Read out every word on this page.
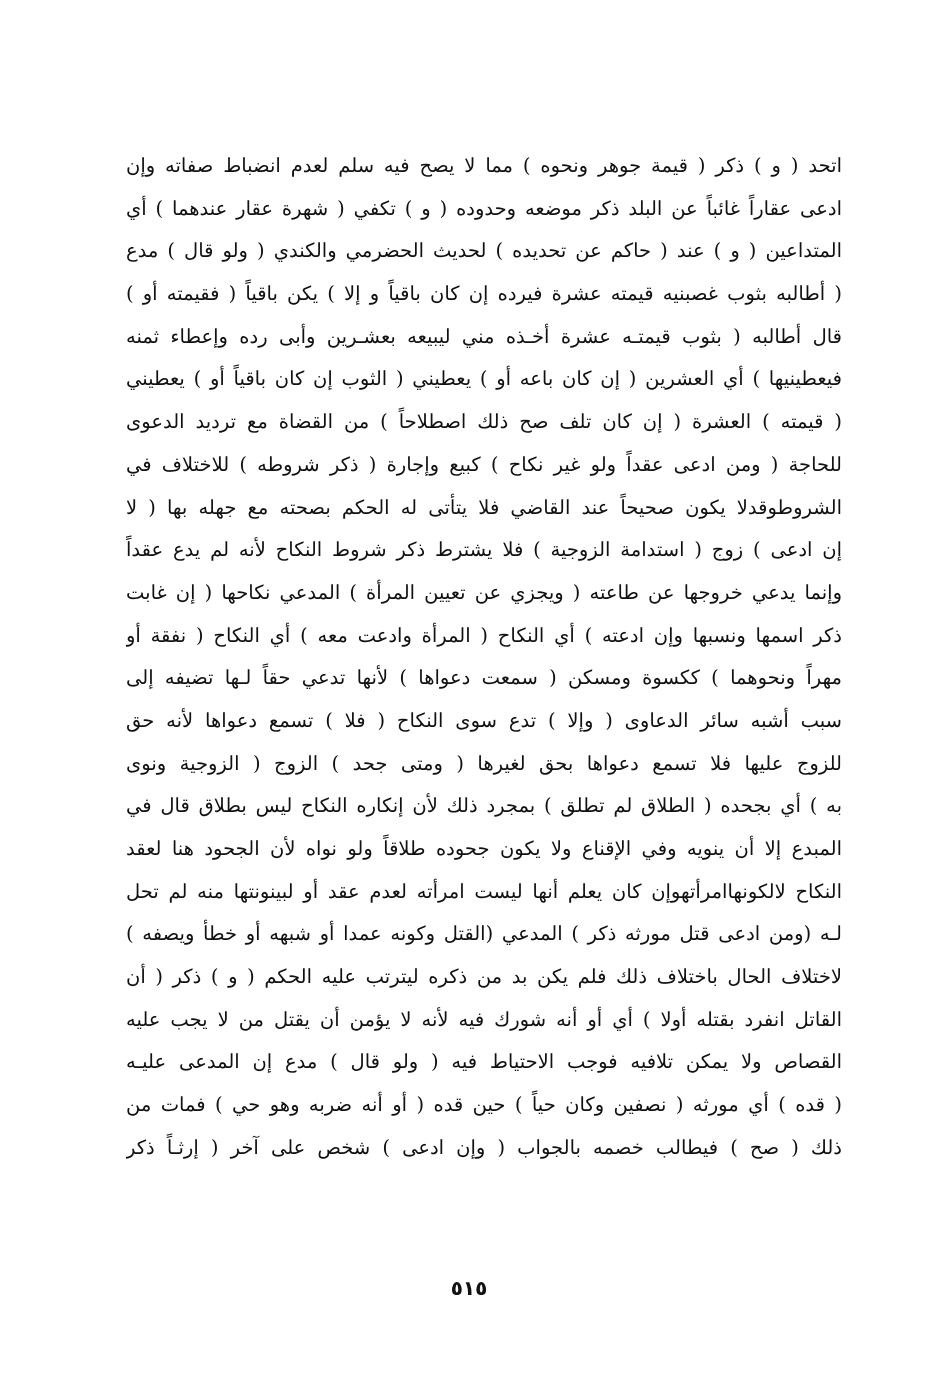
اتحد ( و ) ذكر ( قيمة جوهر ونحوه ) مما لا يصح فيه سلم لعدم انضباط صفاته وإن
ادعى عقاراً غائباً عن البلد ذكر موضعه وحدوده ( و ) تكفي ( شهرة عقار عندهما ) أي
المتداعين ( و ) عند ( حاكم عن تحديده ) لحديث الحضرمي والكندي ( ولو قال ) مدع
( أطالبه بثوب غصبنيه قيمته عشرة فيرده إن كان باقياً و إلا ) يكن باقياً ( فقيمته أو )
قال أطالبه ( بثوب قيمتـه عشرة أخـذه مني ليبيعه بعشـرين وأبى رده وإعطاء ثمنه
فيعطينيها ) أي العشرين ( إن كان باعه أو ) يعطيني ( الثوب إن كان باقياً أو ) يعطيني
( قيمته ) العشرة ( إن كان تلف صح ذلك اصطلاحاً ) من القضاة مع ترديد الدعوى
للحاجة ( ومن ادعى عقداً ولو غير نكاح ) كبيع وإجارة ( ذكر شروطه ) للاختلاف في
الشروطوقدلا يكون صحيحاً عند القاضي فلا يتأتى له الحكم بصحته مع جهله بها ( لا
إن ادعى ) زوج ( استدامة الزوجية ) فلا يشترط ذكر شروط النكاح لأنه لم يدع عقداً
وإنما يدعي خروجها عن طاعته ( ويجزي عن تعيين المرأة ) المدعي نكاحها ( إن غابت
ذكر اسمها ونسبها وإن ادعته ) أي النكاح ( المرأة وادعت معه ) أي النكاح ( نفقة أو
مهراً ونحوهما ) ككسوة ومسكن ( سمعت دعواها ) لأنها تدعي حقاً لـها تضيفه إلى
سبب أشبه سائر الدعاوى ( وإلا ) تدع سوى النكاح ( فلا ) تسمع دعواها لأنه حق
للزوج عليها فلا تسمع دعواها بحق لغيرها ( ومتى جحد ) الزوج ( الزوجية ونوى
به ) أي بجحده ( الطلاق لم تطلق ) بمجرد ذلك لأن إنكاره النكاح ليس بطلاق قال في
المبدع إلا أن ينويه وفي الإقناع ولا يكون جحوده طلاقاً ولو نواه لأن الجحود هنا لعقد
النكاح لالكونهاامرأتهوإن كان يعلم أنها ليست امرأته لعدم عقد أو لبينونتها منه لم تحل
لـه (ومن ادعى قتل مورثه ذكر ) المدعي (القتل وكونه عمدا أو شبهه أو خطأ ويصفه )
لاختلاف الحال باختلاف ذلك فلم يكن بد من ذكره ليترتب عليه الحكم ( و ) ذكر ( أن
القاتل انفرد بقتله أولا ) أي أو أنه شورك فيه لأنه لا يؤمن أن يقتل من لا يجب عليه
القصاص ولا يمكن تلافيه فوجب الاحتياط فيه ( ولو قال ) مدع إن المدعى عليـه
( قده ) أي مورثه ( نصفين وكان حياً ) حين قده ( أو أنه ضربه وهو حي ) فمات من
ذلك ( صح ) فيطالب خصمه بالجواب ( وإن ادعى ) شخص على آخر ( إرثـاً ذكر
٥١٥
